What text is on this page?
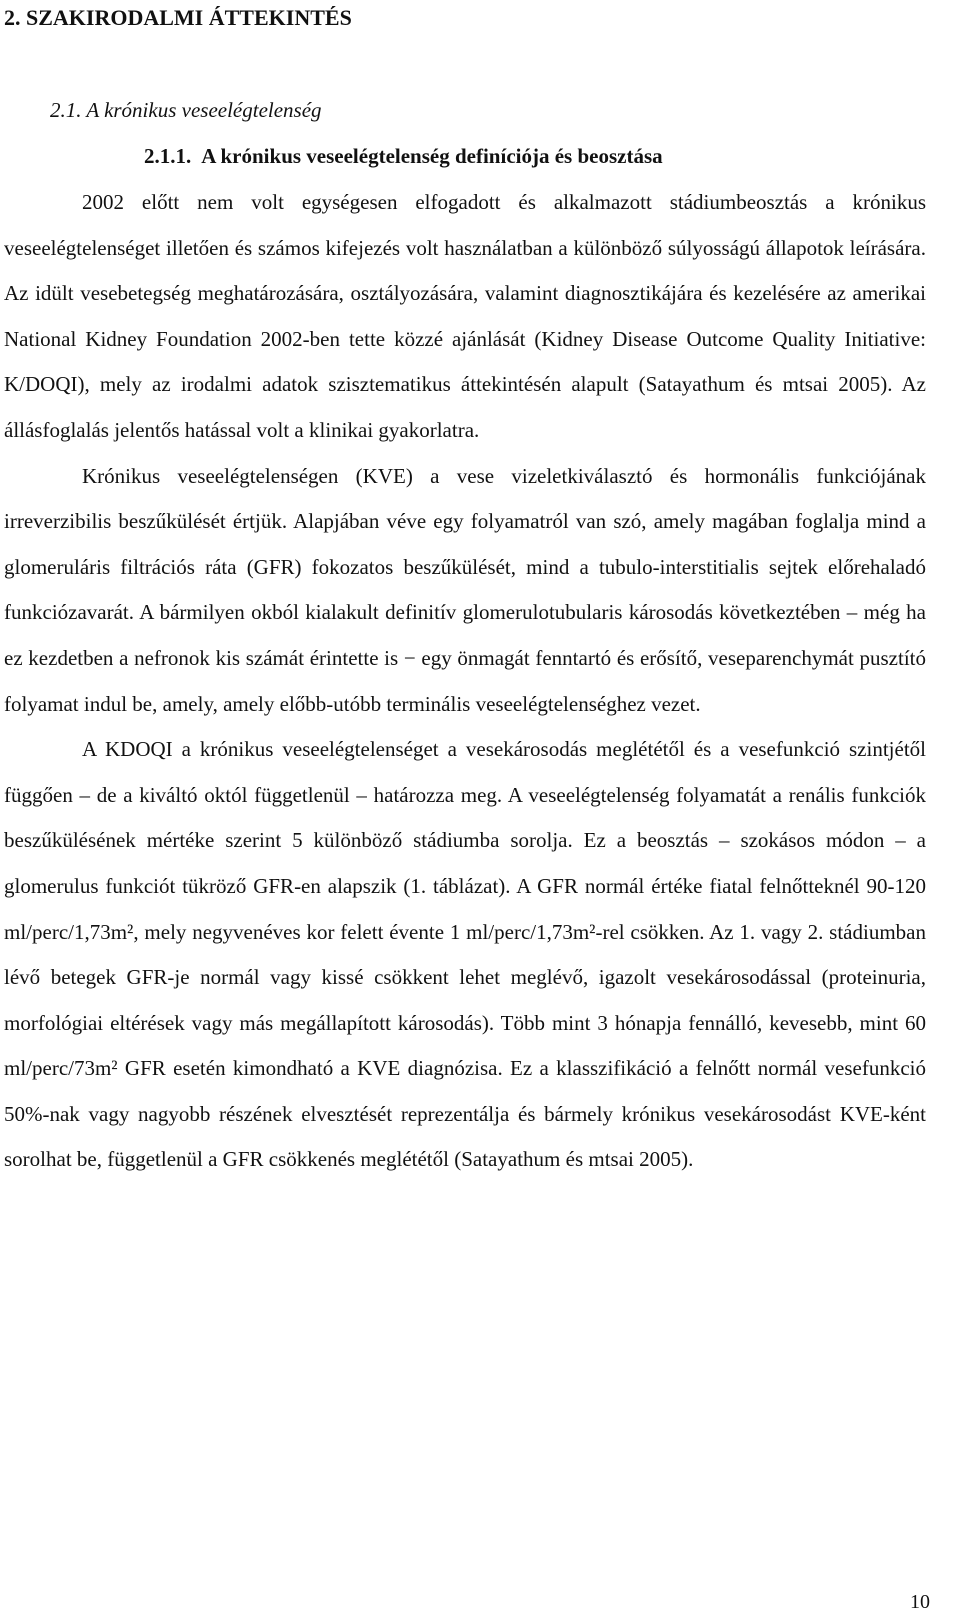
2. SZAKIRODALMI ÁTTEKINTÉS
2.1. A krónikus veseelégtelenség
2.1.1. A krónikus veseelégtelenség definíciója és beosztása

2002 előtt nem volt egységesen elfogadott és alkalmazott stádiumbeosztás a krónikus veseelégtelenséget illetően és számos kifejezés volt használatban a különböző súlyosságú állapotok leírására. Az idült vesebetegség meghatározására, osztályozására, valamint diagnosztikájára és kezelésére az amerikai National Kidney Foundation 2002-ben tette közzé ajánlását (Kidney Disease Outcome Quality Initiative: K/DOQI), mely az irodalmi adatok szisztematikus áttekintésén alapult (Satayathum és mtsai 2005). Az állásfoglalás jelentős hatással volt a klinikai gyakorlatra.

Krónikus veseelégtelenségen (KVE) a vese vizeletkiválasztó és hormonális funkciójának irreverzibilis beszűkülését értjük. Alapjában véve egy folyamatról van szó, amely magában foglalja mind a glomeruláris filtrációs ráta (GFR) fokozatos beszűkülését, mind a tubulo-interstitialis sejtek előrehaladó funkciózavarát. A bármilyen okból kialakult definitív glomerulotubularis károsodás következtében – még ha ez kezdetben a nefronok kis számát érintette is − egy önmagát fenntartó és erősítő, veseparenchymát pusztító folyamat indul be, amely, amely előbb-utóbb terminális veseelégtelenséghez vezet.

A KDOQI a krónikus veseelégtelenséget a vesekárosodás meglététől és a vesefunkció szintjétől függően – de a kiváltó októl függetlenül – határozza meg. A veseelégtelenség folyamatát a renális funkciók beszűkülésének mértéke szerint 5 különböző stádiumba sorolja. Ez a beosztás – szokásos módon – a glomerulus funkciót tükröző GFR-en alapszik (1. táblázat). A GFR normál értéke fiatal felnőtteknél 90-120 ml/perc/1,73m², mely negyvenéves kor felett évente 1 ml/perc/1,73m²-rel csökken. Az 1. vagy 2. stádiumban lévő betegek GFR-je normál vagy kissé csökkent lehet meglévő, igazolt vesekárosodással (proteinuria, morfológiai eltérések vagy más megállapított károsodás). Több mint 3 hónapja fennálló, kevesebb, mint 60 ml/perc/73m² GFR esetén kimondható a KVE diagnózisa. Ez a klasszifikáció a felnőtt normál vesefunkció 50%-nak vagy nagyobb részének elvesztését reprezentálja és bármely krónikus vesekárosodást KVE-ként sorolhat be, függetlenül a GFR csökkenés meglététől (Satayathum és mtsai 2005).

10
